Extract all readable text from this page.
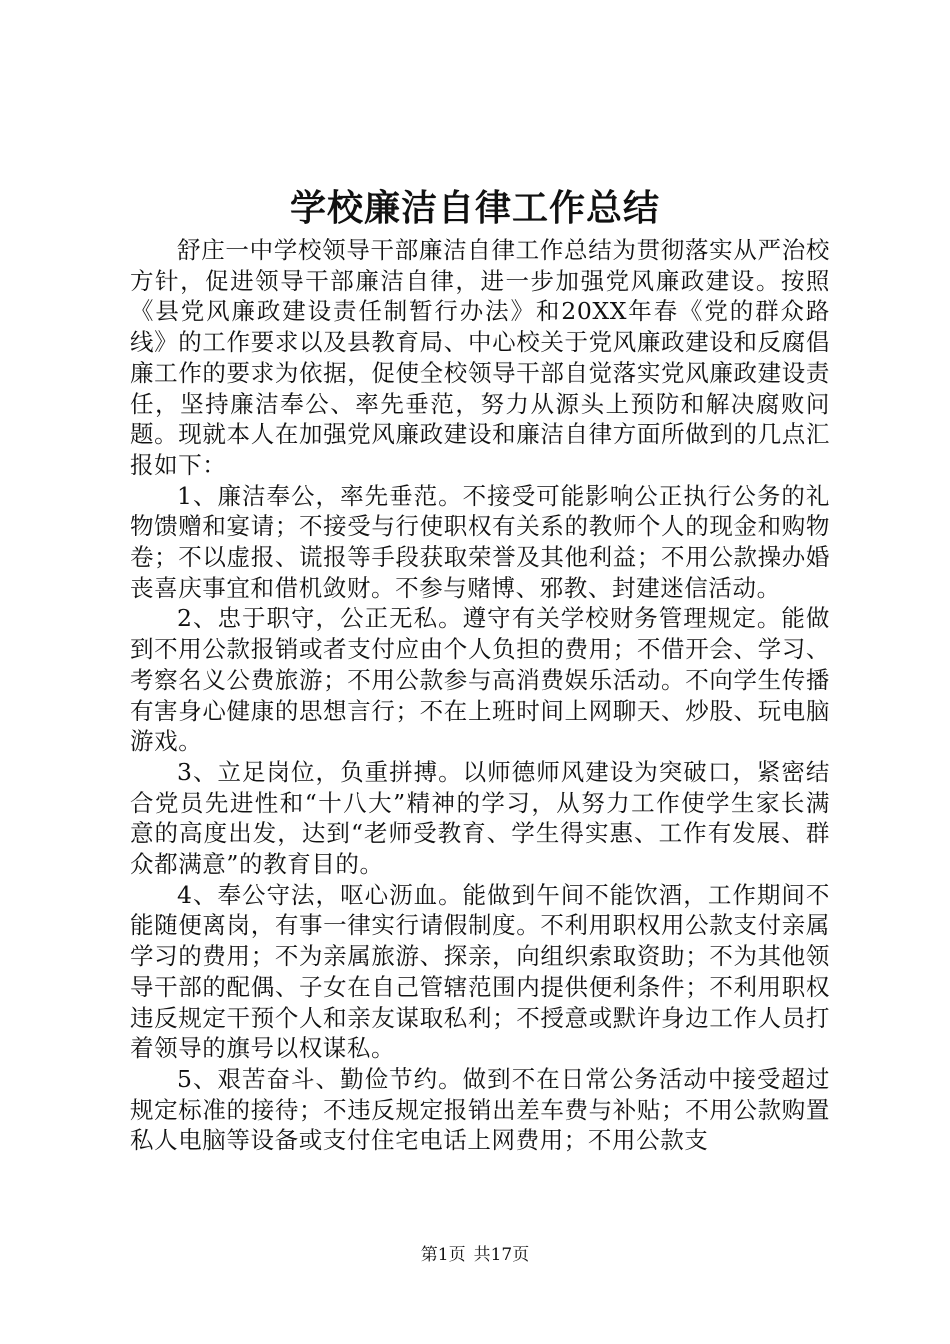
学校廉洁自律工作总结

舒庄一中学校领导干部廉洁自律工作总结为贯彻落实从严治校方针，促进领导干部廉洁自律，进一步加强党风廉政建设。按照《县党风廉政建设责任制暂行办法》和20XX年春《党的群众路线》的工作要求以及县教育局、中心校关于党风廉政建设和反腐倡廉工作的要求为依据，促使全校领导干部自觉落实党风廉政建设责任，坚持廉洁奉公、率先垂范，努力从源头上预防和解决腐败问题。现就本人在加强党风廉政建设和廉洁自律方面所做到的几点汇报如下：

1、廉洁奉公，率先垂范。不接受可能影响公正执行公务的礼物馈赠和宴请；不接受与行使职权有关系的教师个人的现金和购物卷；不以虚报、谎报等手段获取荣誉及其他利益；不用公款操办婚丧喜庆事宜和借机敛财。不参与赌博、邪教、封建迷信活动。

2、忠于职守，公正无私。遵守有关学校财务管理规定。能做到不用公款报销或者支付应由个人负担的费用；不借开会、学习、考察名义公费旅游；不用公款参与高消费娱乐活动。不向学生传播有害身心健康的思想言行；不在上班时间上网聊天、炒股、玩电脑游戏。

3、立足岗位，负重拼搏。以师德师风建设为突破口，紧密结合党员先进性和“十八大”精神的学习，从努力工作使学生家长满意的高度出发，达到“老师受教育、学生得实惠、工作有发展、群众都满意”的教育目的。

4、奉公守法，呕心沥血。能做到午间不能饮酒，工作期间不能随便离岗，有事一律实行请假制度。不利用职权用公款支付亲属学习的费用；不为亲属旅游、探亲，向组织索取资助；不为其他领导干部的配偶、子女在自己管辖范围内提供便利条件；不利用职权违反规定干预个人和亲友谋取私利；不授意或默许身边工作人员打着领导的旗号以权谋私。

5、艰苦奋斗、勤俭节约。做到不在日常公务活动中接受超过规定标准的接待；不违反规定报销出差车费与补贴；不用公款购置私人电脑等设备或支付住宅电话上网费用；不用公款支

第1页 共17页
